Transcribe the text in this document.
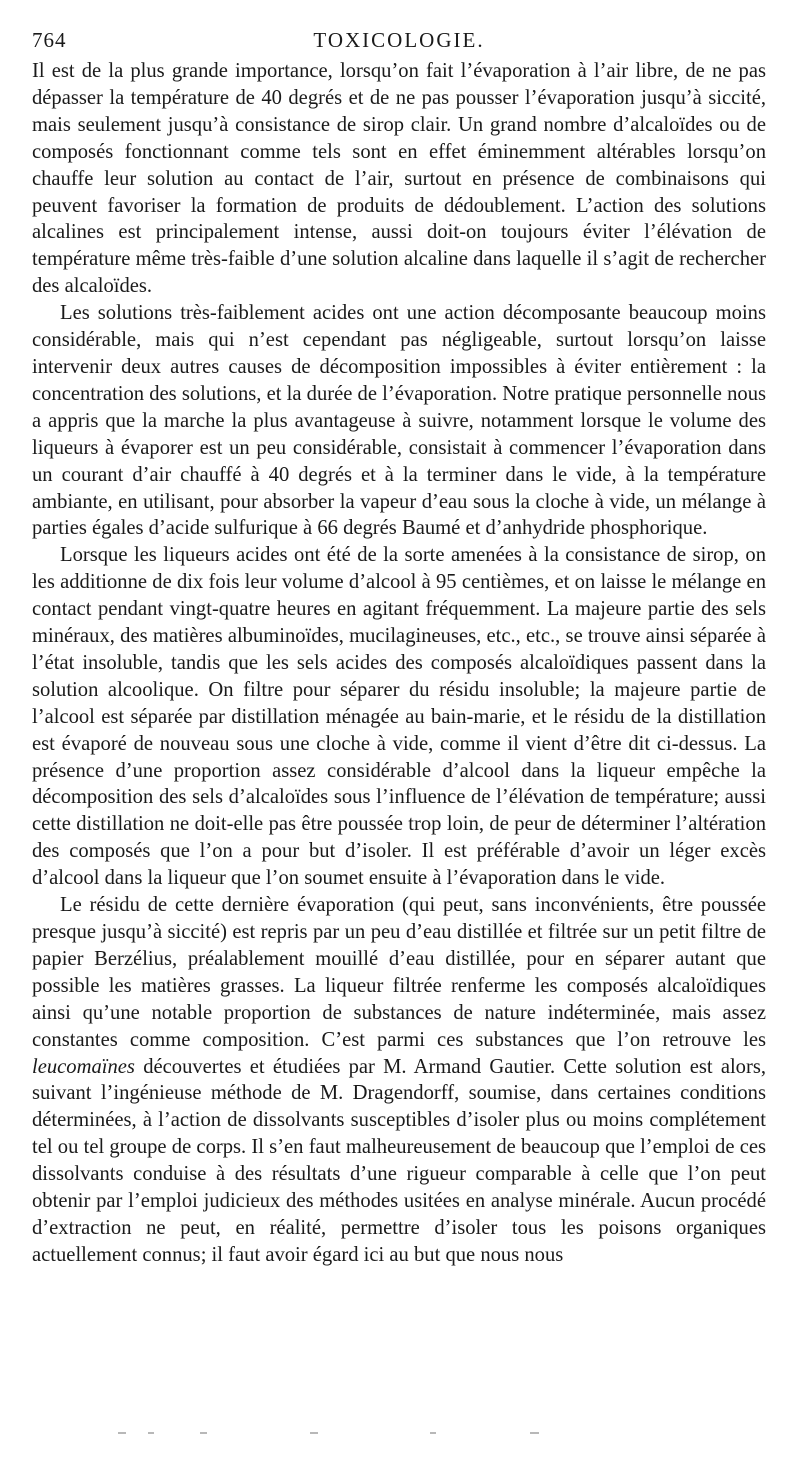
764	TOXICOLOGIE.

Il est de la plus grande importance, lorsqu’on fait l’évaporation à l’air libre, de ne pas dépasser la température de 40 degrés et de ne pas pousser l’évaporation jusqu’à siccité, mais seulement jusqu’à consistance de sirop clair. Un grand nombre d’alcaloïdes ou de composés fonctionnant comme tels sont en effet éminemment altérables lorsqu’on chauffe leur solution au contact de l’air, surtout en présence de combinaisons qui peuvent favoriser la formation de produits de dédoublement. L’action des solutions alcalines est principalement intense, aussi doit-on toujours éviter l’élévation de température même très-faible d’une solution alcaline dans laquelle il s’agit de rechercher des alcaloïdes.

Les solutions très-faiblement acides ont une action décomposante beaucoup moins considérable, mais qui n’est cependant pas négligeable, surtout lorsqu’on laisse intervenir deux autres causes de décomposition impossibles à éviter entièrement : la concentration des solutions, et la durée de l’évaporation. Notre pratique personnelle nous a appris que la marche la plus avantageuse à suivre, notamment lorsque le volume des liqueurs à évaporer est un peu considérable, consistait à commencer l’évaporation dans un courant d’air chauffé à 40 degrés et à la terminer dans le vide, à la température ambiante, en utilisant, pour absorber la vapeur d’eau sous la cloche à vide, un mélange à parties égales d’acide sulfurique à 66 degrés Baumé et d’anhydride phosphorique.

Lorsque les liqueurs acides ont été de la sorte amenées à la consistance de sirop, on les additionne de dix fois leur volume d’alcool à 95 centièmes, et on laisse le mélange en contact pendant vingt-quatre heures en agitant fréquemment. La majeure partie des sels minéraux, des matières albuminoïdes, mucilagineuses, etc., etc., se trouve ainsi séparée à l’état insoluble, tandis que les sels acides des composés alcaloïdiques passent dans la solution alcoolique. On filtre pour séparer du résidu insoluble; la majeure partie de l’alcool est séparée par distillation ménagée au bain-marie, et le résidu de la distillation est évaporé de nouveau sous une cloche à vide, comme il vient d’être dit ci-dessus. La présence d’une proportion assez considérable d’alcool dans la liqueur empêche la décomposition des sels d’alcaloïdes sous l’influence de l’élévation de température; aussi cette distillation ne doit-elle pas être poussée trop loin, de peur de déterminer l’altération des composés que l’on a pour but d’isoler. Il est préférable d’avoir un léger excès d’alcool dans la liqueur que l’on soumet ensuite à l’évaporation dans le vide.

Le résidu de cette dernière évaporation (qui peut, sans inconvénients, être poussée presque jusqu’à siccité) est repris par un peu d’eau distillée et filtrée sur un petit filtre de papier Berzélius, préalablement mouillé d’eau distillée, pour en séparer autant que possible les matières grasses. La liqueur filtrée renferme les composés alcaloïdiques ainsi qu’une notable proportion de substances de nature indéterminée, mais assez constantes comme composition. C’est parmi ces substances que l’on retrouve les leucomaïnes découvertes et étudiées par M. Armand Gautier. Cette solution est alors, suivant l’ingénieuse méthode de M. Dragendorff, soumise, dans certaines conditions déterminées, à l’action de dissolvants susceptibles d’isoler plus ou moins complétement tel ou tel groupe de corps. Il s’en faut malheureusement de beaucoup que l’emploi de ces dissolvants conduise à des résultats d’une rigueur comparable à celle que l’on peut obtenir par l’emploi judicieux des méthodes usitées en analyse minérale. Aucun procédé d’extraction ne peut, en réalité, permettre d’isoler tous les poisons organiques actuellement connus; il faut avoir égard ici au but que nous nous
